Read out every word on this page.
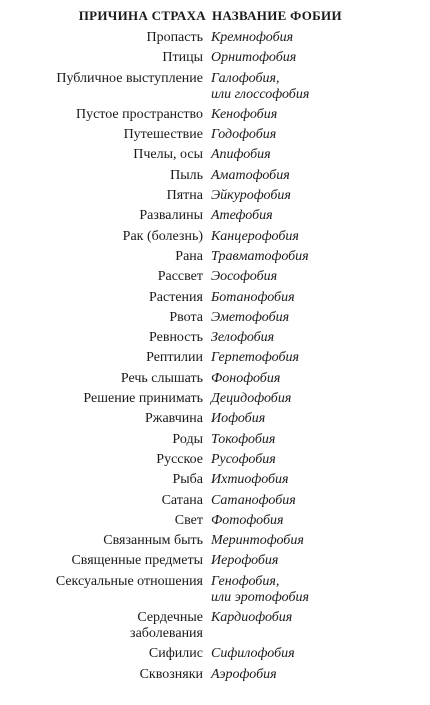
ПРИЧИНА СТРАХА НАЗВАНИЕ ФОБИИ
Пропасть Кремнофобия
Птицы Орнитофобия
Публичное выступление Галофобия,
или глоссофобия
Пустое пространство Кенофобия
Путешествие Годофобия
Пчелы, осы Апифобия
Пыль Аматофобия
Пятна Эйкурофобия
Развалины Атефобия
Рак (болезнь) Канцерофобия
Рана Травматофобия
Рассвет Эософобия
Растения Ботанофобия
Рвота Эметофобия
Ревность Зелофобия
Рептилии Герпетофобия
Речь слышать Фонофобия
Решение принимать Децидофобия
Ржавчина Иофобия
Роды Токофобия
Русское Русофобия
Рыба Ихтиофобия
Сатана Сатанофобия
Свет Фотофобия
Связанным быть Меринтофобия
Священные предметы Иерофобия
Сексуальные отношения Генофобия,
или эротофобия
Сердечные
заболевания
Кардиофобия
Сифилис Сифилофобия
Сквозняки Аэрофобия
